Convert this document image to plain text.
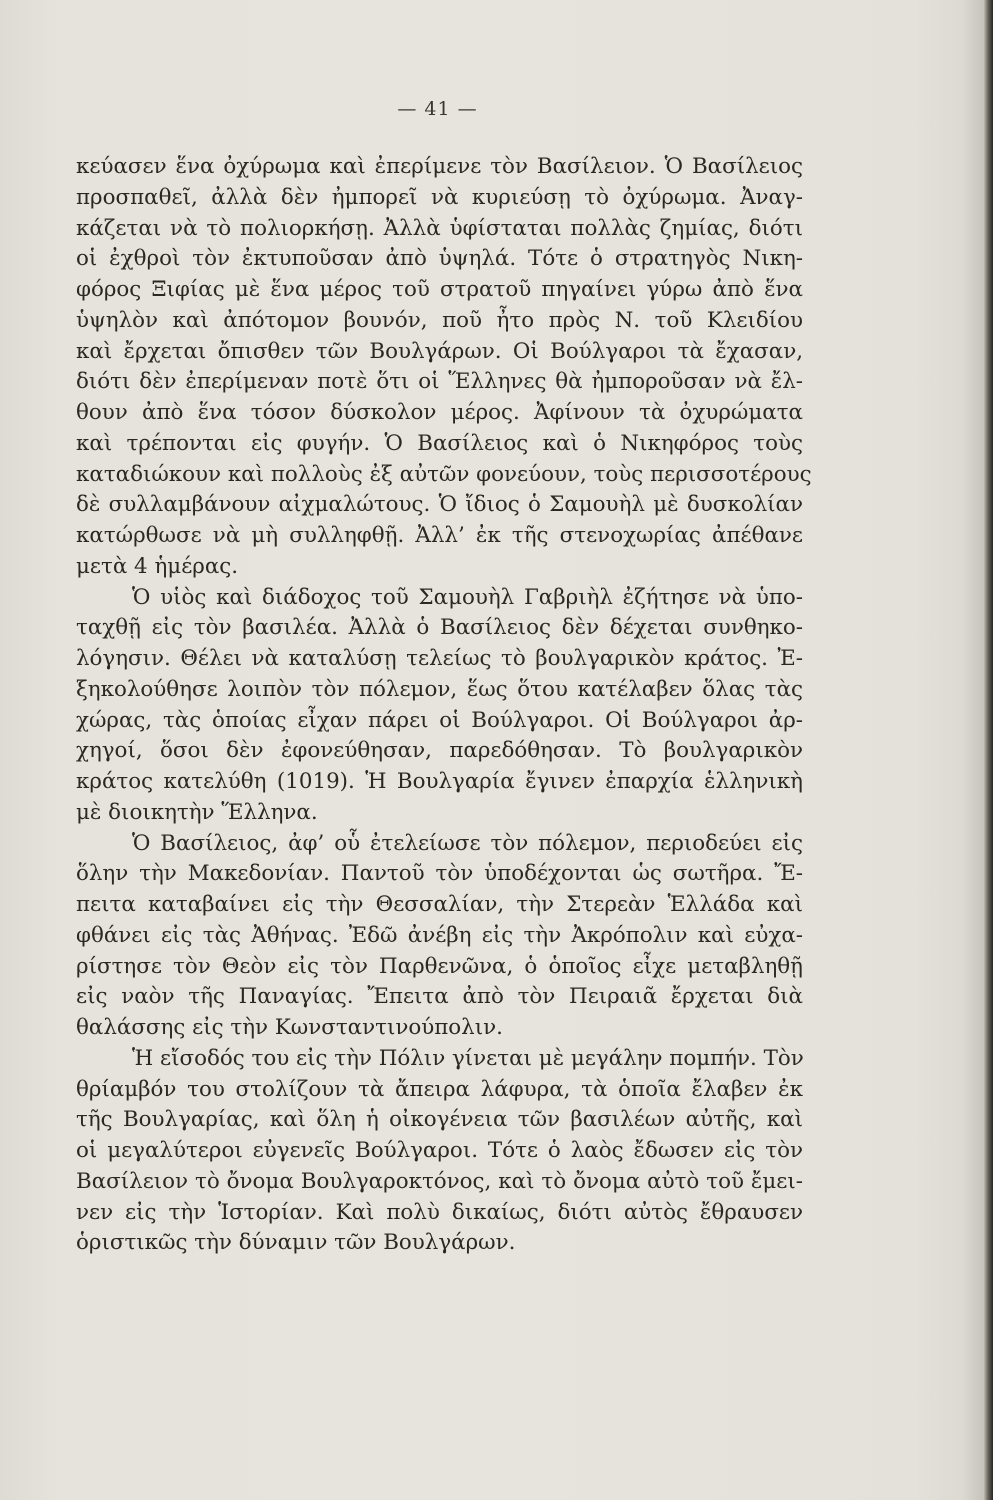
— 41 —

κεύασεν ἕνα ὀχύρωμα καὶ ἐπερίμενε τὸν Βασίλειον. Ὁ Βασίλειος
προσπαθεῖ, ἀλλὰ δὲν ἠμπορεῖ νὰ κυριεύσῃ τὸ ὀχύρωμα. Ἀναγ-
κάζεται νὰ τὸ πολιορκήσῃ. Ἀλλὰ ὑφίσταται πολλὰς ζημίας, διότι
οἱ ἐχθροὶ τὸν ἐκτυποῦσαν ἀπὸ ὑψηλά. Τότε ὁ στρατηγὸς Νικη-
φόρος Ξιφίας μὲ ἕνα μέρος τοῦ στρατοῦ πηγαίνει γύρω ἀπὸ ἕνα
ὑψηλὸν καὶ ἀπότομον βουνόν, ποῦ ἦτο πρὸς Ν. τοῦ Κλειδίου
καὶ ἔρχεται ὄπισθεν τῶν Βουλγάρων. Οἱ Βούλγαροι τὰ ἔχασαν,
διότι δὲν ἐπερίμεναν ποτὲ ὅτι οἱ Ἕλληνες θὰ ἠμποροῦσαν νὰ ἔλ-
θουν ἀπὸ ἕνα τόσον δύσκολον μέρος. Ἀφίνουν τὰ ὀχυρώματα
καὶ τρέπονται εἰς φυγήν. Ὁ Βασίλειος καὶ ὁ Νικηφόρος τοὺς
καταδιώκουν καὶ πολλοὺς ἐξ αὐτῶν φονεύουν, τοὺς περισσοτέρους
δὲ συλλαμβάνουν αἰχμαλώτους. Ὁ ἴδιος ὁ Σαμουὴλ μὲ δυσκολίαν
κατώρθωσε νὰ μὴ συλληφθῇ. Ἀλλ’ ἐκ τῆς στενοχωρίας ἀπέθανε
μετὰ 4 ἡμέρας.

Ὁ υἱὸς καὶ διάδοχος τοῦ Σαμουὴλ Γαβριὴλ ἐζήτησε νὰ ὑπο-
ταχθῇ εἰς τὸν βασιλέα. Ἀλλὰ ὁ Βασίλειος δὲν δέχεται συνθηκο-
λόγησιν. Θέλει νὰ καταλύσῃ τελείως τὸ βουλγαρικὸν κράτος. Ἐ-
ξηκολούθησε λοιπὸν τὸν πόλεμον, ἕως ὅτου κατέλαβεν ὅλας τὰς
χώρας, τὰς ὁποίας εἶχαν πάρει οἱ Βούλγαροι. Οἱ Βούλγαροι ἀρ-
χηγοί, ὅσοι δὲν ἐφονεύθησαν, παρεδόθησαν. Τὸ βουλγαρικὸν
κράτος κατελύθη (1019). Ἡ Βουλγαρία ἔγινεν ἐπαρχία ἑλληνικὴ
μὲ διοικητὴν Ἕλληνα.

Ὁ Βασίλειος, ἀφ’ οὗ ἐτελείωσε τὸν πόλεμον, περιοδεύει εἰς
ὅλην τὴν Μακεδονίαν. Παντοῦ τὸν ὑποδέχονται ὡς σωτῆρα. Ἔ-
πειτα καταβαίνει εἰς τὴν Θεσσαλίαν, τὴν Στερεὰν Ἑλλάδα καὶ
φθάνει εἰς τὰς Ἀθήνας. Ἐδῶ ἀνέβη εἰς τὴν Ἀκρόπολιν καὶ εὐχα-
ρίστησε τὸν Θεὸν εἰς τὸν Παρθενῶνα, ὁ ὁποῖος εἶχε μεταβληθῇ
εἰς ναὸν τῆς Παναγίας. Ἔπειτα ἀπὸ τὸν Πειραιᾶ ἔρχεται διὰ
θαλάσσης εἰς τὴν Κωνσταντινούπολιν.

Ἡ εἴσοδός του εἰς τὴν Πόλιν γίνεται μὲ μεγάλην πομπήν. Τὸν
θρίαμβόν του στολίζουν τὰ ἄπειρα λάφυρα, τὰ ὁποῖα ἔλαβεν ἐκ
τῆς Βουλγαρίας, καὶ ὅλη ἡ οἰκογένεια τῶν βασιλέων αὐτῆς, καὶ
οἱ μεγαλύτεροι εὐγενεῖς Βούλγαροι. Τότε ὁ λαὸς ἔδωσεν εἰς τὸν
Βασίλειον τὸ ὄνομα Βουλγαροκτόνος, καὶ τὸ ὄνομα αὐτὸ τοῦ ἔμει-
νεν εἰς τὴν Ἱστορίαν. Καὶ πολὺ δικαίως, διότι αὐτὸς ἔθραυσεν
ὁριστικῶς τὴν δύναμιν τῶν Βουλγάρων.
